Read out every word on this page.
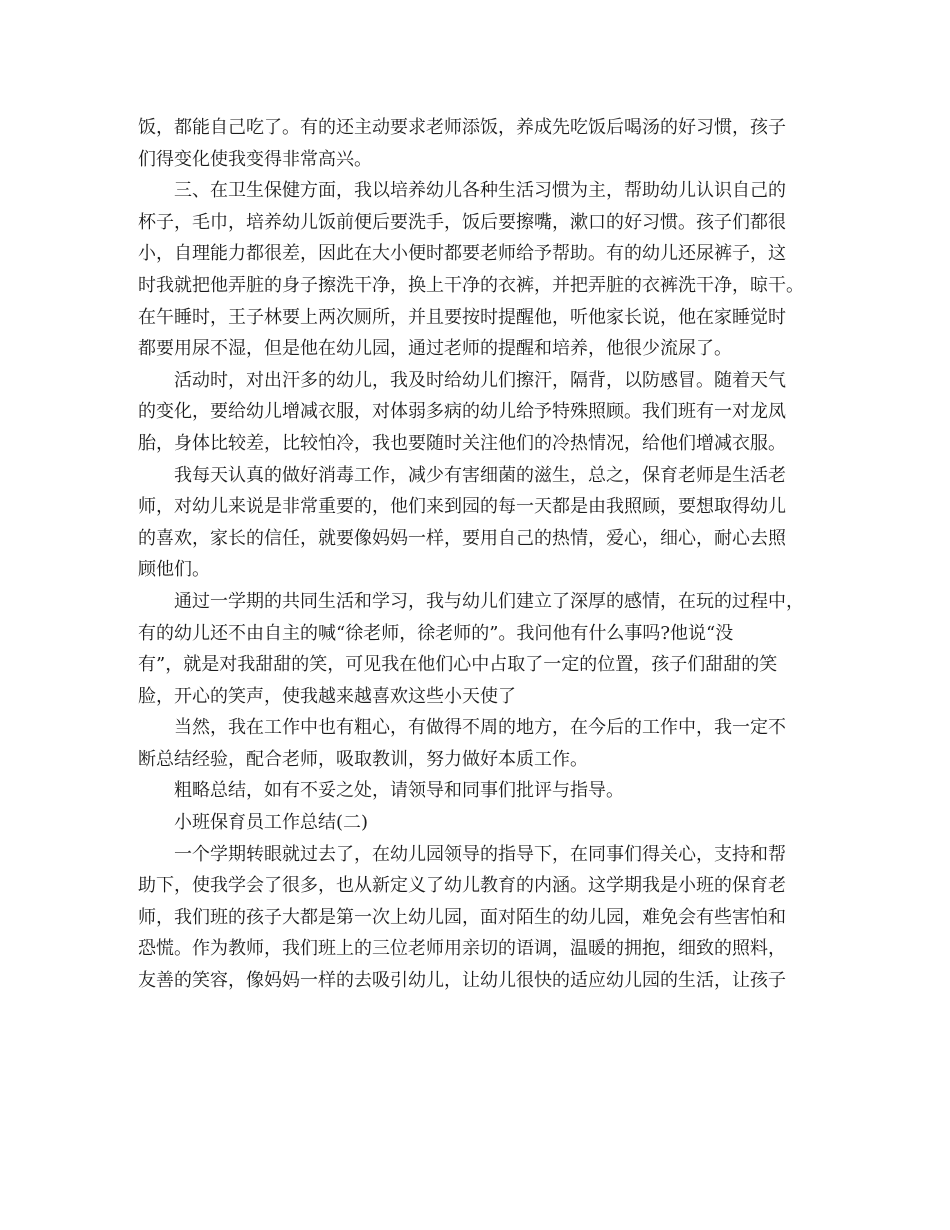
饭，都能自己吃了。有的还主动要求老师添饭，养成先吃饭后喝汤的好习惯，孩子

们得变化使我变得非常高兴。

三、在卫生保健方面，我以培养幼儿各种生活习惯为主，帮助幼儿认识自己的

杯子，毛巾，培养幼儿饭前便后要洗手，饭后要擦嘴，漱口的好习惯。孩子们都很

小，自理能力都很差，因此在大小便时都要老师给予帮助。有的幼儿还尿裤子，这

时我就把他弄脏的身子擦洗干净，换上干净的衣裤，并把弄脏的衣裤洗干净，晾干。

在午睡时，王子林要上两次厕所，并且要按时提醒他，听他家长说，他在家睡觉时

都要用尿不湿，但是他在幼儿园，通过老师的提醒和培养，他很少流尿了。

活动时，对出汗多的幼儿，我及时给幼儿们擦汗，隔背，以防感冒。随着天气

的变化，要给幼儿增减衣服，对体弱多病的幼儿给予特殊照顾。我们班有一对龙凤

胎，身体比较差，比较怕冷，我也要随时关注他们的冷热情况，给他们增减衣服。

我每天认真的做好消毒工作，减少有害细菌的滋生，总之，保育老师是生活老

师，对幼儿来说是非常重要的，他们来到园的每一天都是由我照顾，要想取得幼儿

的喜欢，家长的信任，就要像妈妈一样，要用自己的热情，爱心，细心，耐心去照

顾他们。

通过一学期的共同生活和学习，我与幼儿们建立了深厚的感情，在玩的过程中，

有的幼儿还不由自主的喊“徐老师，徐老师的”。我问他有什么事吗?他说“没

有”，就是对我甜甜的笑，可见我在他们心中占取了一定的位置，孩子们甜甜的笑

脸，开心的笑声，使我越来越喜欢这些小天使了

当然，我在工作中也有粗心，有做得不周的地方，在今后的工作中，我一定不

断总结经验，配合老师，吸取教训，努力做好本质工作。

粗略总结，如有不妥之处，请领导和同事们批评与指导。

小班保育员工作总结(二)

一个学期转眼就过去了，在幼儿园领导的指导下，在同事们得关心，支持和帮

助下，使我学会了很多，也从新定义了幼儿教育的内涵。这学期我是小班的保育老

师，我们班的孩子大都是第一次上幼儿园，面对陌生的幼儿园，难免会有些害怕和

恐慌。作为教师，我们班上的三位老师用亲切的语调，温暖的拥抱，细致的照料，

友善的笑容，像妈妈一样的去吸引幼儿，让幼儿很快的适应幼儿园的生活，让孩子
